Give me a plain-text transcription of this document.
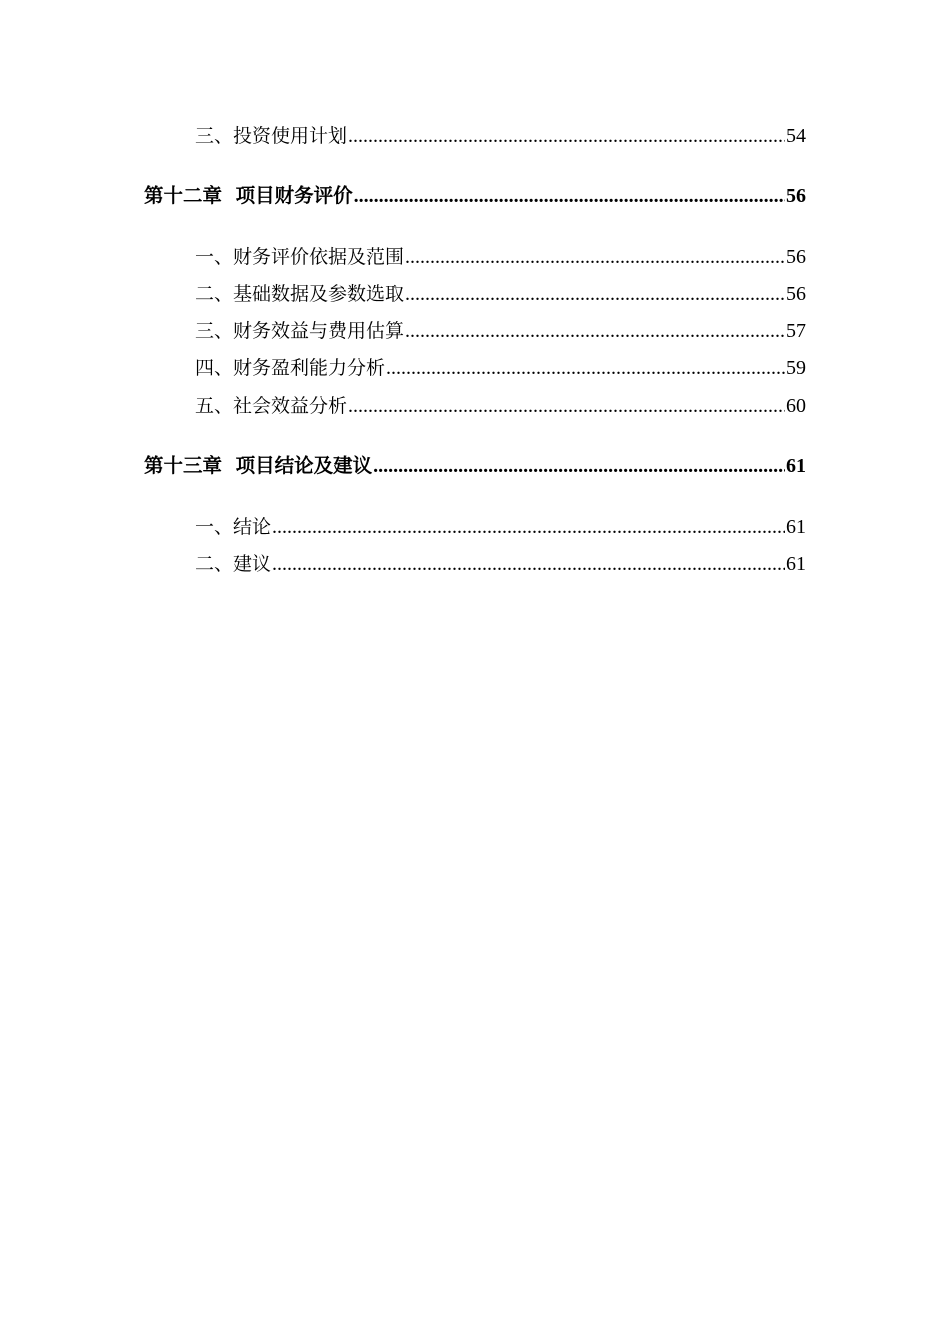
三、投资使用计划 .....	54
第十二章  项目财务评价 .....	56
一、财务评价依据及范围 .....	56
二、基础数据及参数选取 .....	56
三、财务效益与费用估算 .....	57
四、财务盈利能力分析 .....	59
五、社会效益分析 .....	60
第十三章  项目结论及建议 .....	61
一、结论 .....	61
二、建议 .....	61
